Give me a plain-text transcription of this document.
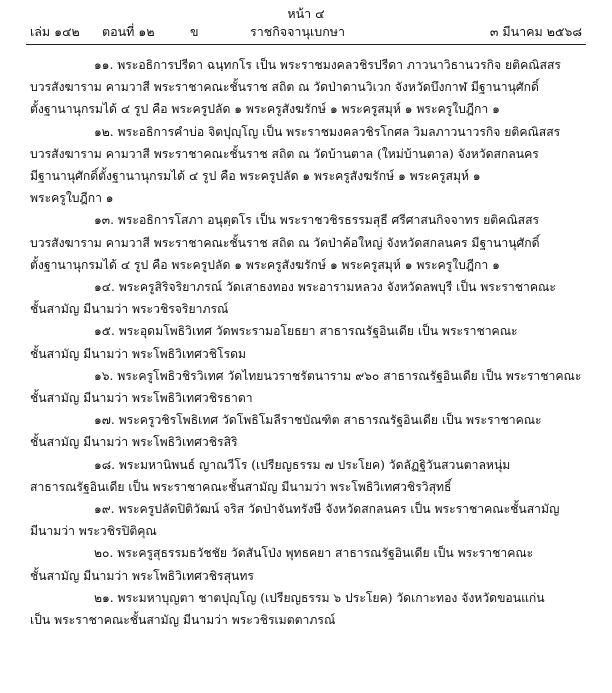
หน้า ๔
เล่ม ๑๔๒ ตอนที่ ๑๒	ข	ราชกิจจานุเบกษา	๓ มีนาคม ๒๕๖๘
๑๑. พระอธิการปรีดา ฉนฺทกโร เป็น พระราชมงคลวชิรปรีดา ภาวนาวิธานวรกิจ ยติคณิสสร
บวรสังฆาราม คามวาสี พระราชาคณะชั้นราช สถิต ณ วัดป่าดานวิเวก จังหวัดบึงกาฬ มีฐานานุศักดิ์
ตั้งฐานานุกรมได้ ๔ รูป คือ พระครูปลัด ๑ พระครูสังฆรักษ์ ๑ พระครูสมุห์ ๑ พระครูใบฎีกา ๑
๑๒. พระอธิการคำบ่อ จิตปุญฺโญ เป็น พระราชมงคลวชิรโกศล วิมลภาวนาวรกิจ ยติคณิสสร
บวรสังฆาราม คามวาสี พระราชาคณะชั้นราช สถิต ณ วัดบ้านตาล (ใหม่บ้านตาล) จังหวัดสกลนคร
มีฐานานุศักดิ์ตั้งฐานานุกรมได้ ๔ รูป คือ พระครูปลัด ๑ พระครูสังฆรักษ์ ๑ พระครูสมุห์ ๑
พระครูใบฎีกา ๑
๑๓. พระอธิการโสภา อนุตฺตโร เป็น พระราชวชิรธรรมสุธี ศรีศาสนกิจจาทร ยติคณิสสร
บวรสังฆาราม คามวาสี พระราชาคณะชั้นราช สถิต ณ วัดป่าค้อใหญ่ จังหวัดสกลนคร มีฐานานุศักดิ์
ตั้งฐานานุกรมได้ ๔ รูป คือ พระครูปลัด ๑ พระครูสังฆรักษ์ ๑ พระครูสมุห์ ๑ พระครูใบฎีกา ๑
๑๔. พระครูสิริจริยาภรณ์ วัดเสาธงทอง พระอารามหลวง จังหวัดลพบุรี เป็น พระราชาคณะ
ชั้นสามัญ มีนามว่า พระวชิรจริยาภรณ์
๑๕. พระอุดมโพธิวิเทศ วัดพระรามอโยธยา สาธารณรัฐอินเดีย เป็น พระราชาคณะ
ชั้นสามัญ มีนามว่า พระโพธิวิเทศวชิโรดม
๑๖. พระครูโพธิวชิรวิเทศ วัดไทยนวราชรัตนาราม ๙๖๐ สาธารณรัฐอินเดีย เป็น พระราชาคณะ
ชั้นสามัญ มีนามว่า พระโพธิวิเทศวชิรธาดา
๑๗. พระครูวชิรโพธิเทศ วัดโพธิโมลีราชบัณฑิต สาธารณรัฐอินเดีย เป็น พระราชาคณะ
ชั้นสามัญ มีนามว่า พระโพธิวิเทศวชิรสิริ
๑๘. พระมหานิพนธ์ ญาณวีโร (เปรียญธรรม ๗ ประโยค) วัดลัฏฐิวันสวนตาลหนุ่ม
สาธารณรัฐอินเดีย เป็น พระราชาคณะชั้นสามัญ มีนามว่า พระโพธิวิเทศวชิรวิสุทธิ์
๑๙. พระครูปลัดปิติวัฒน์ จริส วัดป่าจันทรังษี จังหวัดสกลนคร เป็น พระราชาคณะชั้นสามัญ
มีนามว่า พระวชิรปิติคุณ
๒๐. พระครูสุธรรมธวัชชัย วัดสันโป่ง พุทธคยา สาธารณรัฐอินเดีย เป็น พระราชาคณะ
ชั้นสามัญ มีนามว่า พระโพธิวิเทศวชิรสุนทร
๒๑. พระมหาบุญตา ชาตปุญฺโญ (เปรียญธรรม ๖ ประโยค) วัดเกาะทอง จังหวัดขอนแก่น
เป็น พระราชาคณะชั้นสามัญ มีนามว่า พระวชิรเมตตาภรณ์
